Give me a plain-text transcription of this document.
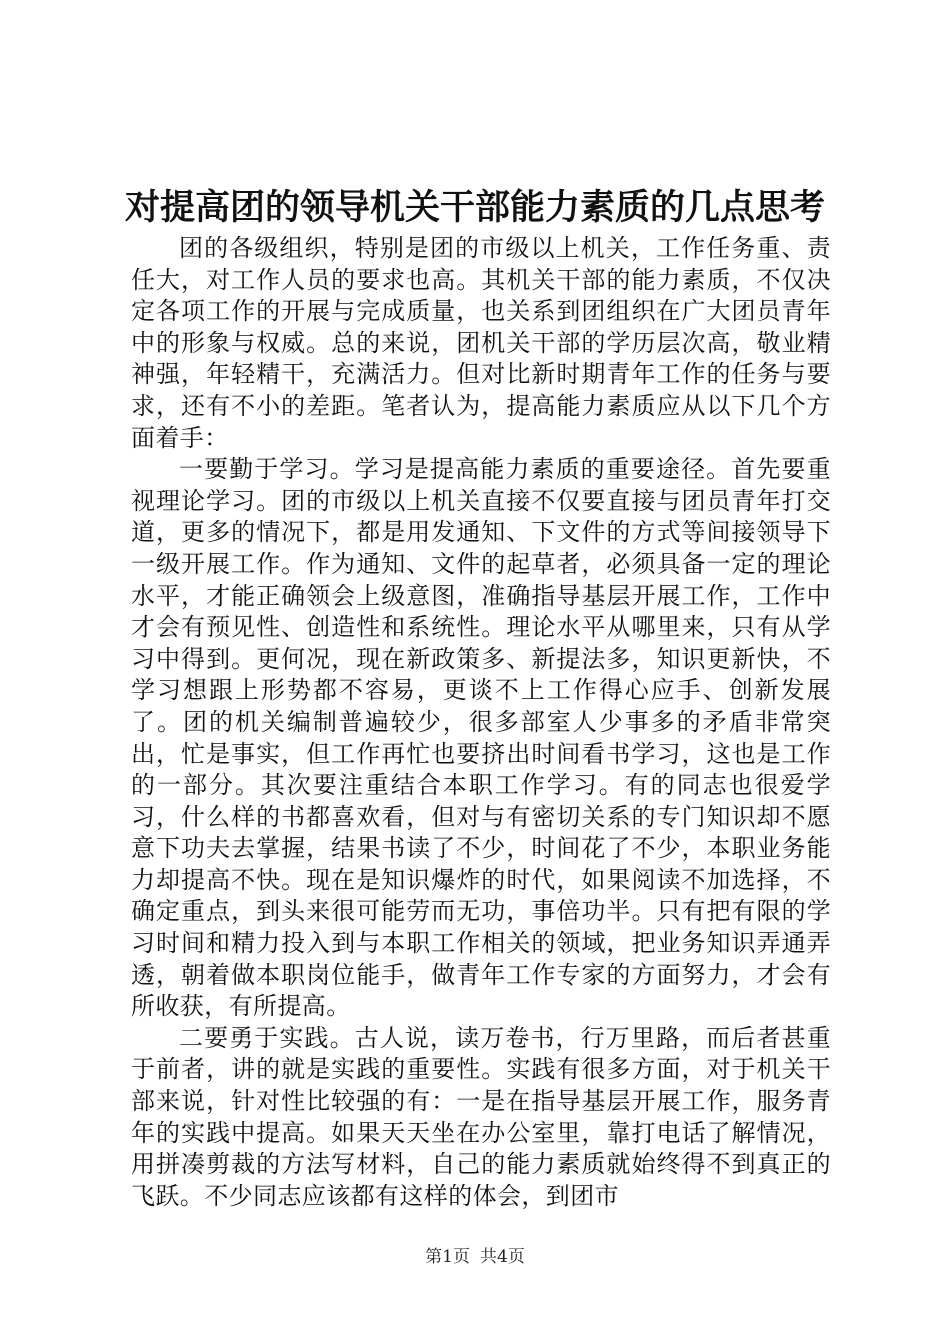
对提高团的领导机关干部能力素质的几点思考

团的各级组织，特别是团的市级以上机关，工作任务重、责任大，对工作人员的要求也高。其机关干部的能力素质，不仅决定各项工作的开展与完成质量，也关系到团组织在广大团员青年中的形象与权威。总的来说，团机关干部的学历层次高，敬业精神强，年轻精干，充满活力。但对比新时期青年工作的任务与要求，还有不小的差距。笔者认为，提高能力素质应从以下几个方面着手：

一要勤于学习。学习是提高能力素质的重要途径。首先要重视理论学习。团的市级以上机关直接不仅要直接与团员青年打交道，更多的情况下，都是用发通知、下文件的方式等间接领导下一级开展工作。作为通知、文件的起草者，必须具备一定的理论水平，才能正确领会上级意图，准确指导基层开展工作，工作中才会有预见性、创造性和系统性。理论水平从哪里来，只有从学习中得到。更何况，现在新政策多、新提法多，知识更新快，不学习想跟上形势都不容易，更谈不上工作得心应手、创新发展了。团的机关编制普遍较少，很多部室人少事多的矛盾非常突出，忙是事实，但工作再忙也要挤出时间看书学习，这也是工作的一部分。其次要注重结合本职工作学习。有的同志也很爱学习，什么样的书都喜欢看，但对与有密切关系的专门知识却不愿意下功夫去掌握，结果书读了不少，时间花了不少，本职业务能力却提高不快。现在是知识爆炸的时代，如果阅读不加选择，不确定重点，到头来很可能劳而无功，事倍功半。只有把有限的学习时间和精力投入到与本职工作相关的领域，把业务知识弄通弄透，朝着做本职岗位能手，做青年工作专家的方面努力，才会有所收获，有所提高。

二要勇于实践。古人说，读万卷书，行万里路，而后者甚重于前者，讲的就是实践的重要性。实践有很多方面，对于机关干部来说，针对性比较强的有：一是在指导基层开展工作，服务青年的实践中提高。如果天天坐在办公室里，靠打电话了解情况，用拼凑剪裁的方法写材料，自己的能力素质就始终得不到真正的飞跃。不少同志应该都有这样的体会，到团市

第1页 共4页
